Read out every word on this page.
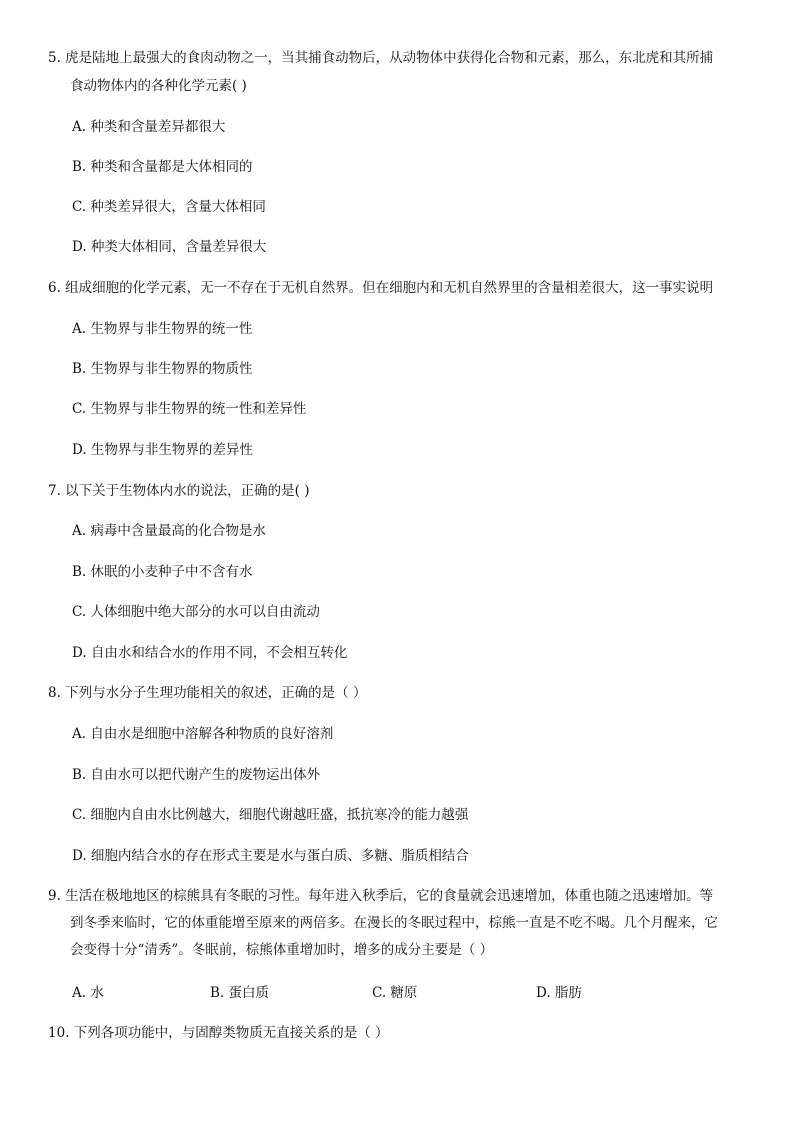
5. 虎是陆地上最强大的食肉动物之一，当其捕食动物后，从动物体中获得化合物和元素，那么，东北虎和其所捕
食动物体内的各种化学元素( )
A. 种类和含量差异都很大
B. 种类和含量都是大体相同的
C. 种类差异很大，含量大体相同
D. 种类大体相同，含量差异很大
6. 组成细胞的化学元素，无一不存在于无机自然界。但在细胞内和无机自然界里的含量相差很大，这一事实说明
A. 生物界与非生物界的统一性
B. 生物界与非生物界的物质性
C. 生物界与非生物界的统一性和差异性
D. 生物界与非生物界的差异性
7. 以下关于生物体内水的说法，正确的是( )
A. 病毒中含量最高的化合物是水
B. 休眠的小麦种子中不含有水
C. 人体细胞中绝大部分的水可以自由流动
D. 自由水和结合水的作用不同，不会相互转化
8. 下列与水分子生理功能相关的叙述，正确的是（ ）
A. 自由水是细胞中溶解各种物质的良好溶剂
B. 自由水可以把代谢产生的废物运出体外
C. 细胞内自由水比例越大，细胞代谢越旺盛，抵抗寒冷的能力越强
D. 细胞内结合水的存在形式主要是水与蛋白质、多糖、脂质相结合
9. 生活在极地地区的棕熊具有冬眠的习性。每年进入秋季后，它的食量就会迅速增加，体重也随之迅速增加。等
到冬季来临时，它的体重能增至原来的两倍多。在漫长的冬眠过程中，棕熊一直是不吃不喝。几个月醒来，它
会变得十分“清秀”。冬眠前，棕熊体重增加时，增多的成分主要是（ ）
A. 水	B. 蛋白质	C. 糖原	D. 脂肪
10. 下列各项功能中，与固醇类物质无直接关系的是（ ）
